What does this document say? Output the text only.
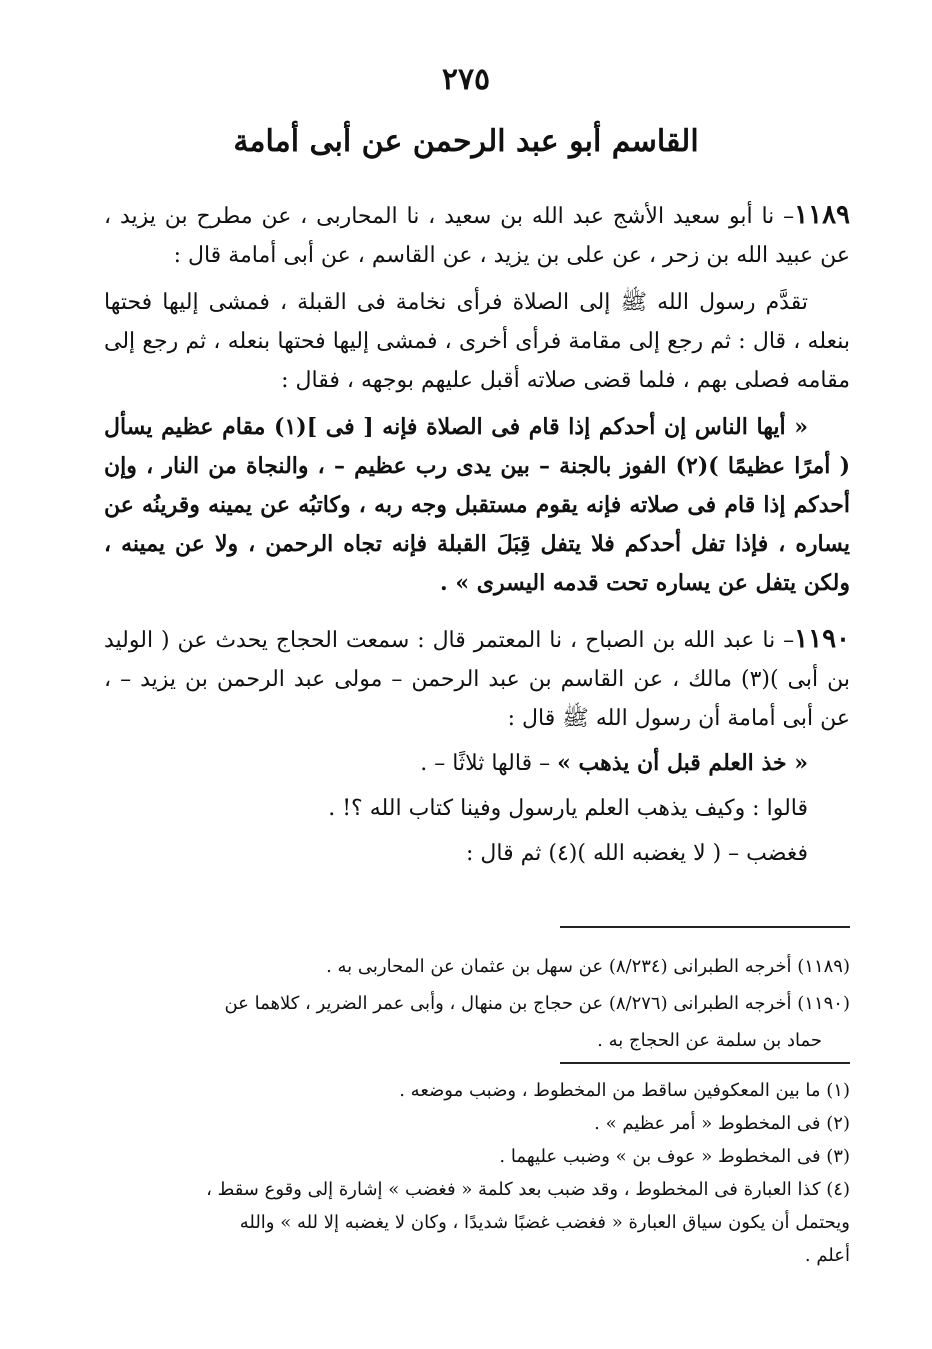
٢٧٥
القاسم أبو عبد الرحمن عن أبى أمامة

١١٨٩– نا أبو سعيد الأشج عبد الله بن سعيد ، نا المحاربى ، عن مطرح بن يزيد ، عن عبيد الله بن زحر ، عن على بن يزيد ، عن القاسم ، عن أبى أمامة قال :

تقدَّم رسول الله ﷺ إلى الصلاة فرأى نخامة فى القبلة ، فمشى إليها فحتها بنعله ، قال : ثم رجع إلى مقامة فرأى أخرى ، فمشى إليها فحتها بنعله ، ثم رجع إلى مقامه فصلى بهم ، فلما قضى صلاته أقبل عليهم بوجهه ، فقال :

« أيها الناس إن أحدكم إذا قام فى الصلاة فإنه [ فى ](١) مقام عظيم يسأل ( أمرًا عظيمًا )(٢) الفوز بالجنة – بين يدى رب عظيم – ، والنجاة من النار ، وإن أحدكم إذا قام فى صلاته فإنه يقوم مستقبل وجه ربه ، وكاتبُه عن يمينه وقرينُه عن يساره ، فإذا تفل أحدكم فلا يتفل قِبَلَ القبلة فإنه تجاه الرحمن ، ولا عن يمينه ، ولكن يتفل عن يساره تحت قدمه اليسرى » .

١١٩٠– نا عبد الله بن الصباح ، نا المعتمر قال : سمعت الحجاج يحدث عن ( الوليد بن أبى )(٣) مالك ، عن القاسم بن عبد الرحمن – مولى عبد الرحمن بن يزيد – ، عن أبى أمامة أن رسول الله ﷺ قال :

« خذ العلم قبل أن يذهب » – قالها ثلاثًا – .

قالوا : وكيف يذهب العلم يارسول وفينا كتاب الله ؟! .

فغضب – ( لا يغضبه الله )(٤) ثم قال :

(١١٨٩) أخرجه الطبرانى (٨/٢٣٤) عن سهل بن عثمان عن المحاربى به .

(١١٩٠) أخرجه الطبرانى (٨/٢٧٦) عن حجاج بن منهال ، وأبى عمر الضرير ، كلاهما عن

حماد بن سلمة عن الحجاج به .

(١) ما بين المعكوفين ساقط من المخطوط ، وضبب موضعه .

(٢) فى المخطوط « أمر عظيم » .

(٣) فى المخطوط « عوف بن » وضبب عليهما .

(٤) كذا العبارة فى المخطوط ، وقد ضبب بعد كلمة « فغضب » إشارة إلى وقوع سقط ،

ويحتمل أن يكون سياق العبارة « فغضب غضبًا شديدًا ، وكان لا يغضبه إلا لله » والله

أعلم .
